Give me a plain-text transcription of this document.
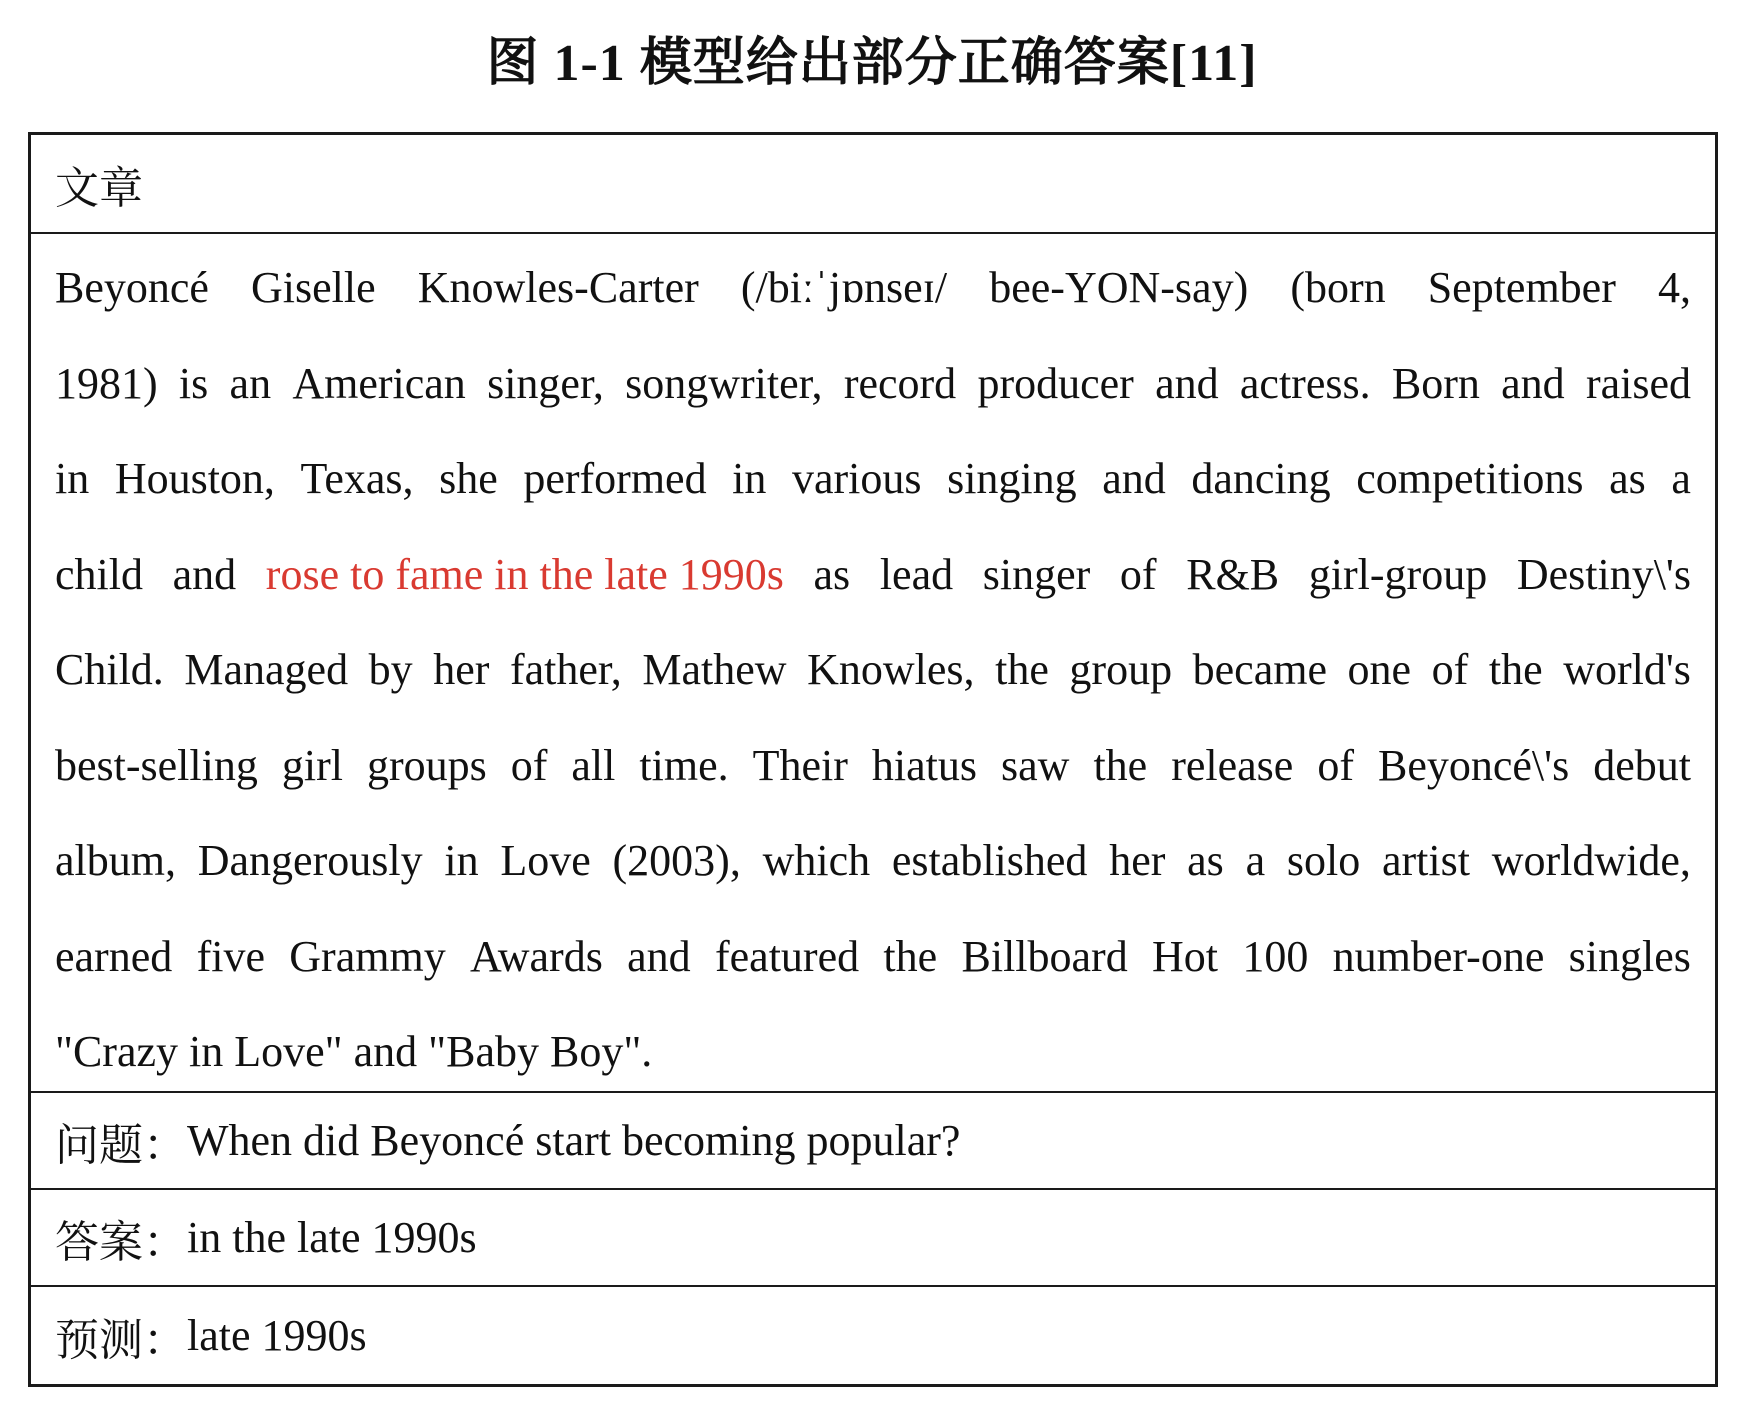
图 1-1 模型给出部分正确答案[11]
文章
Beyoncé Giselle Knowles-Carter (/biːˈjɒnseɪ/ bee-YON-say) (born September 4,
1981) is an American singer, songwriter, record producer and actress. Born and raised
in Houston, Texas, she performed in various singing and dancing competitions as a
child and rose to fame in the late 1990s as lead singer of R&B girl-group Destiny\'s
Child. Managed by her father, Mathew Knowles, the group became one of the world's
best-selling girl groups of all time. Their hiatus saw the release of Beyoncé\'s debut
album, Dangerously in Love (2003), which established her as a solo artist worldwide,
earned five Grammy Awards and featured the Billboard Hot 100 number-one singles
"Crazy in Love" and "Baby Boy".
问题： When did Beyoncé start becoming popular?
答案： in the late 1990s
预测： late 1990s
